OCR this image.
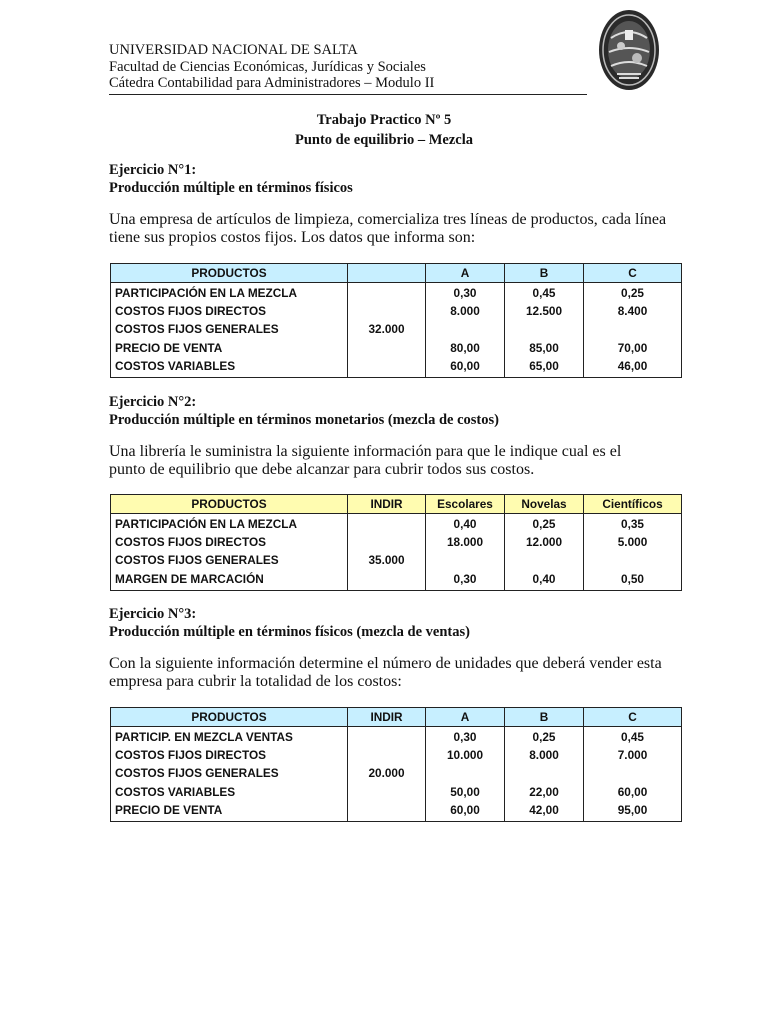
UNIVERSIDAD NACIONAL DE SALTA
Facultad de Ciencias Económicas, Jurídicas y Sociales
Cátedra Contabilidad para Administradores – Modulo II
Trabajo Practico Nº 5
Punto de equilibrio – Mezcla
Ejercicio N°1:
Producción múltiple en términos físicos
Una empresa de artículos de limpieza, comercializa tres líneas de productos, cada línea tiene sus propios costos fijos. Los datos que informa son:
PRODUCTOS		A	B	C
PARTICIPACIÓN EN LA MEZCLA		0,30	0,45	0,25
COSTOS FIJOS DIRECTOS		8.000	12.500	8.400
COSTOS FIJOS GENERALES	32.000			
PRECIO DE VENTA		80,00	85,00	70,00
COSTOS VARIABLES		60,00	65,00	46,00
Ejercicio N°2:
Producción múltiple en términos monetarios (mezcla de costos)
Una librería le suministra la siguiente información para que le indique cual es el punto de equilibrio que debe alcanzar para cubrir todos sus costos.
PRODUCTOS	INDIR	Escolares	Novelas	Científicos
PARTICIPACIÓN EN LA MEZCLA		0,40	0,25	0,35
COSTOS FIJOS DIRECTOS		18.000	12.000	5.000
COSTOS FIJOS GENERALES	35.000			
MARGEN DE MARCACIÓN		0,30	0,40	0,50
Ejercicio N°3:
Producción múltiple en términos físicos (mezcla de ventas)
Con la siguiente información determine el número de unidades que deberá vender esta empresa para cubrir la totalidad de los costos:
PRODUCTOS	INDIR	A	B	C
PARTICIP. EN MEZCLA VENTAS		0,30	0,25	0,45
COSTOS FIJOS DIRECTOS		10.000	8.000	7.000
COSTOS FIJOS GENERALES	20.000			
COSTOS VARIABLES		50,00	22,00	60,00
PRECIO DE VENTA		60,00	42,00	95,00
